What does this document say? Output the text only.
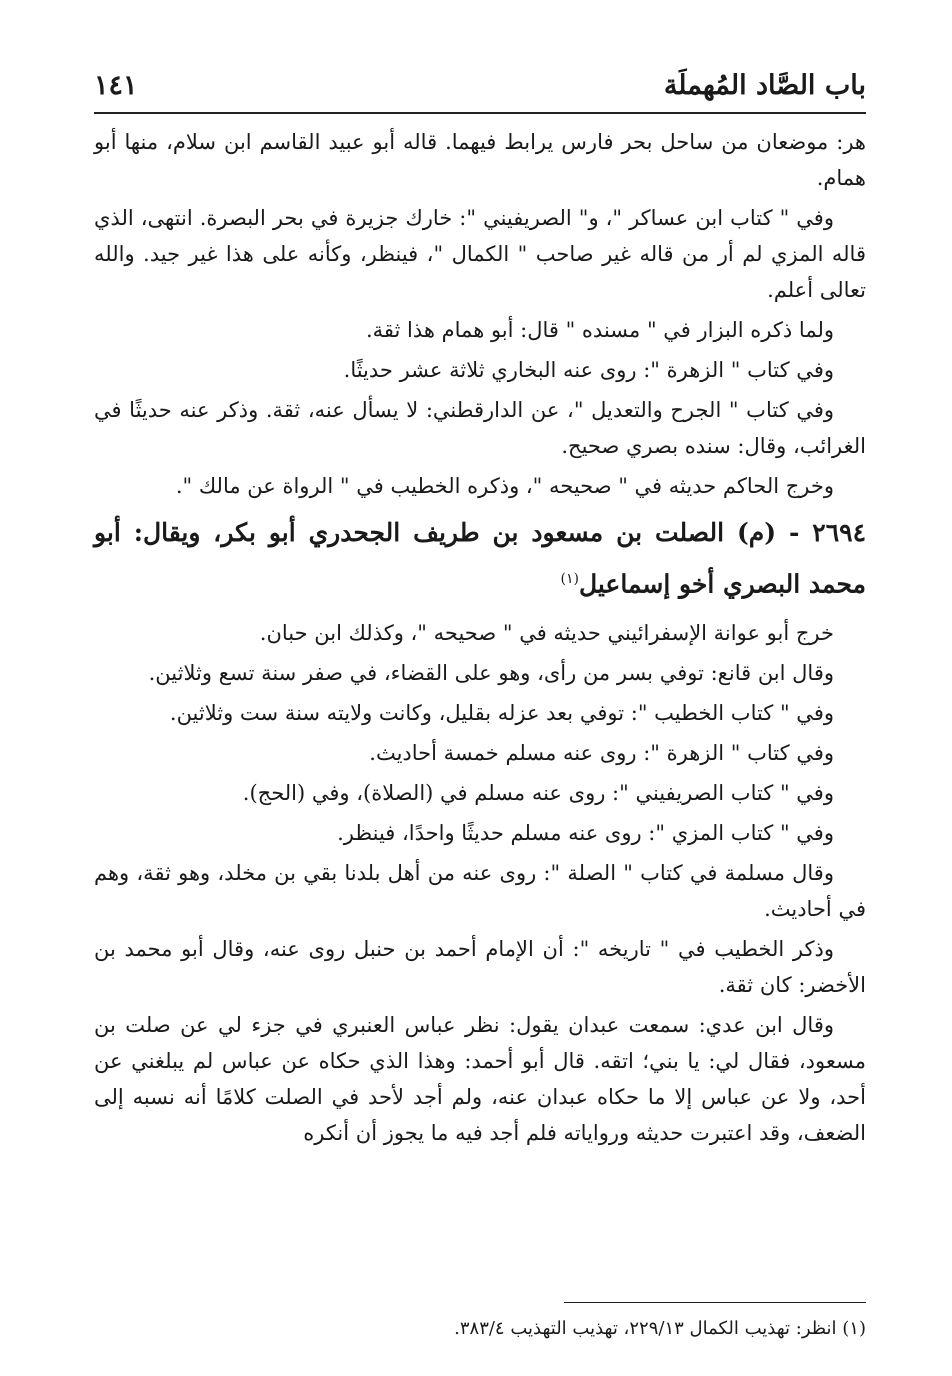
باب الصَّاد المُهملَة
١٤١

هر: موضعان من ساحل بحر فارس يرابط فيهما. قاله أبو عبيد القاسم ابن سلام، منها أبو همام.

وفي " كتاب ابن عساكر "، و" الصريفيني ": خارك جزيرة في بحر البصرة. انتهى، الذي قاله المزي لم أر من قاله غير صاحب " الكمال "، فينظر، وكأنه على هذا غير جيد. والله تعالى أعلم.

ولما ذكره البزار في " مسنده " قال: أبو همام هذا ثقة.

وفي كتاب " الزهرة ": روى عنه البخاري ثلاثة عشر حديثًا.

وفي كتاب " الجرح والتعديل "، عن الدارقطني: لا يسأل عنه، ثقة. وذكر عنه حديثًا في الغرائب، وقال: سنده بصري صحيح.

وخرج الحاكم حديثه في " صحيحه "، وذكره الخطيب في " الرواة عن مالك ".

٢٦٩٤ - (م) الصلت بن مسعود بن طريف الجحدري أبو بكر، ويقال: أبو محمد البصري أخو إسماعيل$^{(١)}$

خرج أبو عوانة الإسفرائيني حديثه في " صحيحه "، وكذلك ابن حبان.

وقال ابن قانع: توفي بسر من رأى، وهو على القضاء، في صفر سنة تسع وثلاثين.

وفي " كتاب الخطيب ": توفي بعد عزله بقليل، وكانت ولايته سنة ست وثلاثين.

وفي كتاب " الزهرة ": روى عنه مسلم خمسة أحاديث.

وفي " كتاب الصريفيني ": روى عنه مسلم في (الصلاة)، وفي (الحج).

وفي " كتاب المزي ": روى عنه مسلم حديثًا واحدًا، فينظر.

وقال مسلمة في كتاب " الصلة ": روى عنه من أهل بلدنا بقي بن مخلد، وهو ثقة، وهم في أحاديث.

وذكر الخطيب في " تاريخه ": أن الإمام أحمد بن حنبل روى عنه، وقال أبو محمد بن الأخضر: كان ثقة.

وقال ابن عدي: سمعت عبدان يقول: نظر عباس العنبري في جزء لي عن صلت بن مسعود، فقال لي: يا بني؛ اتقه. قال أبو أحمد: وهذا الذي حكاه عن عباس لم يبلغني عن أحد، ولا عن عباس إلا ما حكاه عبدان عنه، ولم أجد لأحد في الصلت كلامًا أنه نسبه إلى الضعف، وقد اعتبرت حديثه ورواياته فلم أجد فيه ما يجوز أن أنكره

(١) انظر: تهذيب الكمال ٢٢٩/١٣، تهذيب التهذيب ٣٨٣/٤.
